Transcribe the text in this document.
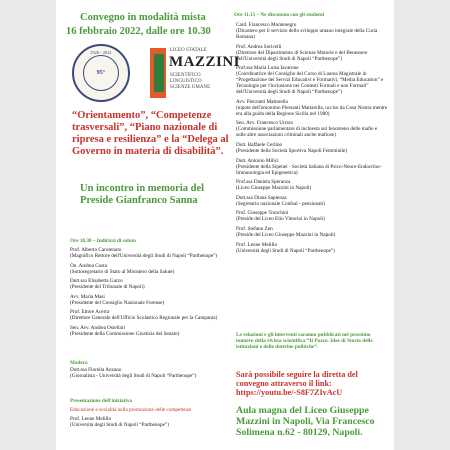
Convegno in modalità mista
16 febbraio 2022, dalle ore 10.30
1926 - 2021
95°
LICEO STATALE
MAZZINI
SCIENTIFICO
LINGUISTICO
SCIENZE UMANE
“Orientamento”, “Competenze trasversali”, “Piano nazionale di ripresa e resilienza” e la “Delega al Governo in materia di disabilità”.
Un incontro in memoria del Preside Gianfranco Sanna
Ore 10.30 – Indirizzi di saluto
Prof. Alberto Carotenuto
(Magnifico Rettore dell'Università degli Studi di Napoli “Parthenope”)
On. Andrea Costa
(Sottosegretario di Stato al Ministero della Salute)
Dott.ssa Elisabetta Garzo
(Presidente del Tribunale di Napoli)
Avv. Maria Masi
(Presidente del Consiglio Nazionale Forense)
Prof. Ettore Acerra
(Direttore Generale dell'Ufficio Scolastico Regionale per la Campania)
Sen. Avv. Andrea Ostellari
(Presidente della Commissione Giustizia del Senato)
Modera
Dott.ssa Fiorella Anzano
(Giornalista - Università degli Studi di Napoli “Parthenope”)
Presentazione dell'iniziativa
Educazione e socialità nella promozione delle competenze
Prof. Leone Melillo
(Università degli Studi di Napoli “Parthenope”)
Ore 11.15 – Ne discutono con gli studenti
Card. Francesco Montenegro
(Dicastero per il servizio dello sviluppo umano integrale della Curia Romana)
Prof. Andrea Soricelli
(Direttore del Dipartimento di Scienze Motorie e del Benessere dell'Università degli Studi di Napoli “Parthenope”)
Prof.ssa Maria Luisa Iavarone
(Coordinatrice del Consiglio del Corso di Laurea Magistrale in “Progettazione dei Servizi Educativi e Formativi, “Media Education” e Tecnologie per l'inclusione nei Contesti Formali e non Formali” dell'Università degli Studi di Napoli “Parthenope”)
Avv. Pierzanti Mattarella
(nipote dell'omonimo Piersanti Mattarella, ucciso da Cosa Nostra mentre era alla guida della Regione Sicilia nel 1980)
Sen. Avv. Francesco Urraro
(Commissione parlamentare di inchiesta sul fenomeno delle mafie e sulle altre associazioni criminali anche mafiose)
Dott. Raffaele Cerlino
(Presidente della Società Sportiva Napoli Femminile)
Dott. Antonio Milici
(Presidente della Sipenei - Società italiana di Psico-Neuro-Endocrino-Immunologia ed Epigenetica)
Prof.ssa Daniela Speranza
(Liceo Giuseppe Mazzini in Napoli)
Dott.ssa Diana Sapienza
(Segretario nazionale Confsal - pensionati)
Prof. Giuseppe Tranchini
(Preside del Liceo Elio Vittorini in Napoli)
Prof. Stefano Zen
(Preside del Liceo Giuseppe Mazzini in Napoli)
Prof. Leone Melillo
(Università degli Studi di Napoli “Parthenope”)
Le relazioni e gli interventi saranno pubblicati nel prossimo numero della rivista scientifica “Il Pozzo. Idee di Storia delle istituzioni e delle dottrine politiche”.
Sarà possibile seguire la diretta del convegno attraverso il link: https://youtu.be/-S8F7ZIvAcU
Aula magna del Liceo Giuseppe Mazzini in Napoli, Via Francesco Solimena n.62 - 80129, Napoli.
